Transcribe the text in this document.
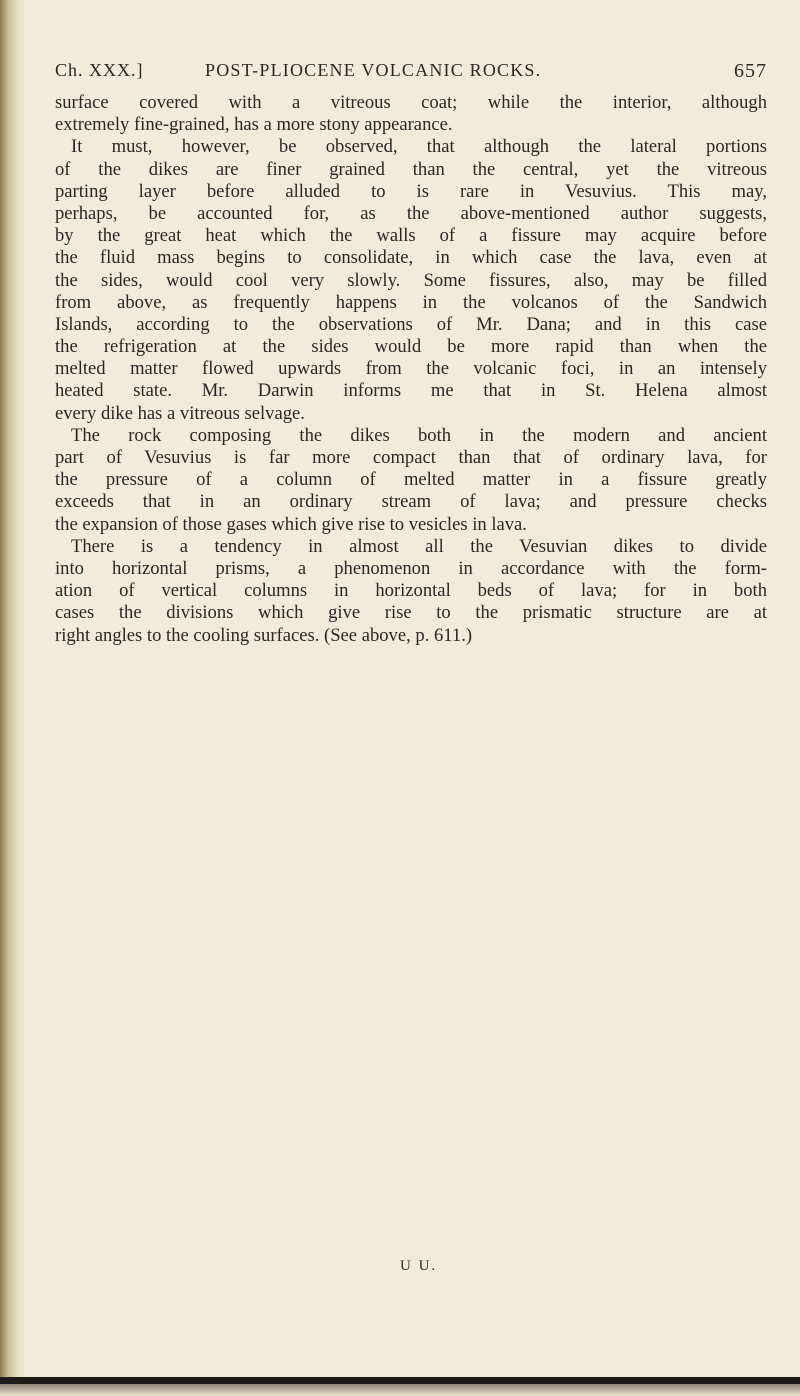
Ch. XXX.]	POST-PLIOCENE VOLCANIC ROCKS.	657
surface covered with a vitreous coat; while the interior, although
extremely fine-grained, has a more stony appearance.
It must, however, be observed, that although the lateral portions
of the dikes are finer grained than the central, yet the vitreous
parting layer before alluded to is rare in Vesuvius. This may,
perhaps, be accounted for, as the above-mentioned author suggests,
by the great heat which the walls of a fissure may acquire before
the fluid mass begins to consolidate, in which case the lava, even at
the sides, would cool very slowly. Some fissures, also, may be filled
from above, as frequently happens in the volcanos of the Sandwich
Islands, according to the observations of Mr. Dana; and in this case
the refrigeration at the sides would be more rapid than when the
melted matter flowed upwards from the volcanic foci, in an intensely
heated state. Mr. Darwin informs me that in St. Helena almost
every dike has a vitreous selvage.
The rock composing the dikes both in the modern and ancient
part of Vesuvius is far more compact than that of ordinary lava, for
the pressure of a column of melted matter in a fissure greatly
exceeds that in an ordinary stream of lava; and pressure checks
the expansion of those gases which give rise to vesicles in lava.
There is a tendency in almost all the Vesuvian dikes to divide
into horizontal prisms, a phenomenon in accordance with the form-
ation of vertical columns in horizontal beds of lava; for in both
cases the divisions which give rise to the prismatic structure are at
right angles to the cooling surfaces. (See above, p. 611.)
U U.
